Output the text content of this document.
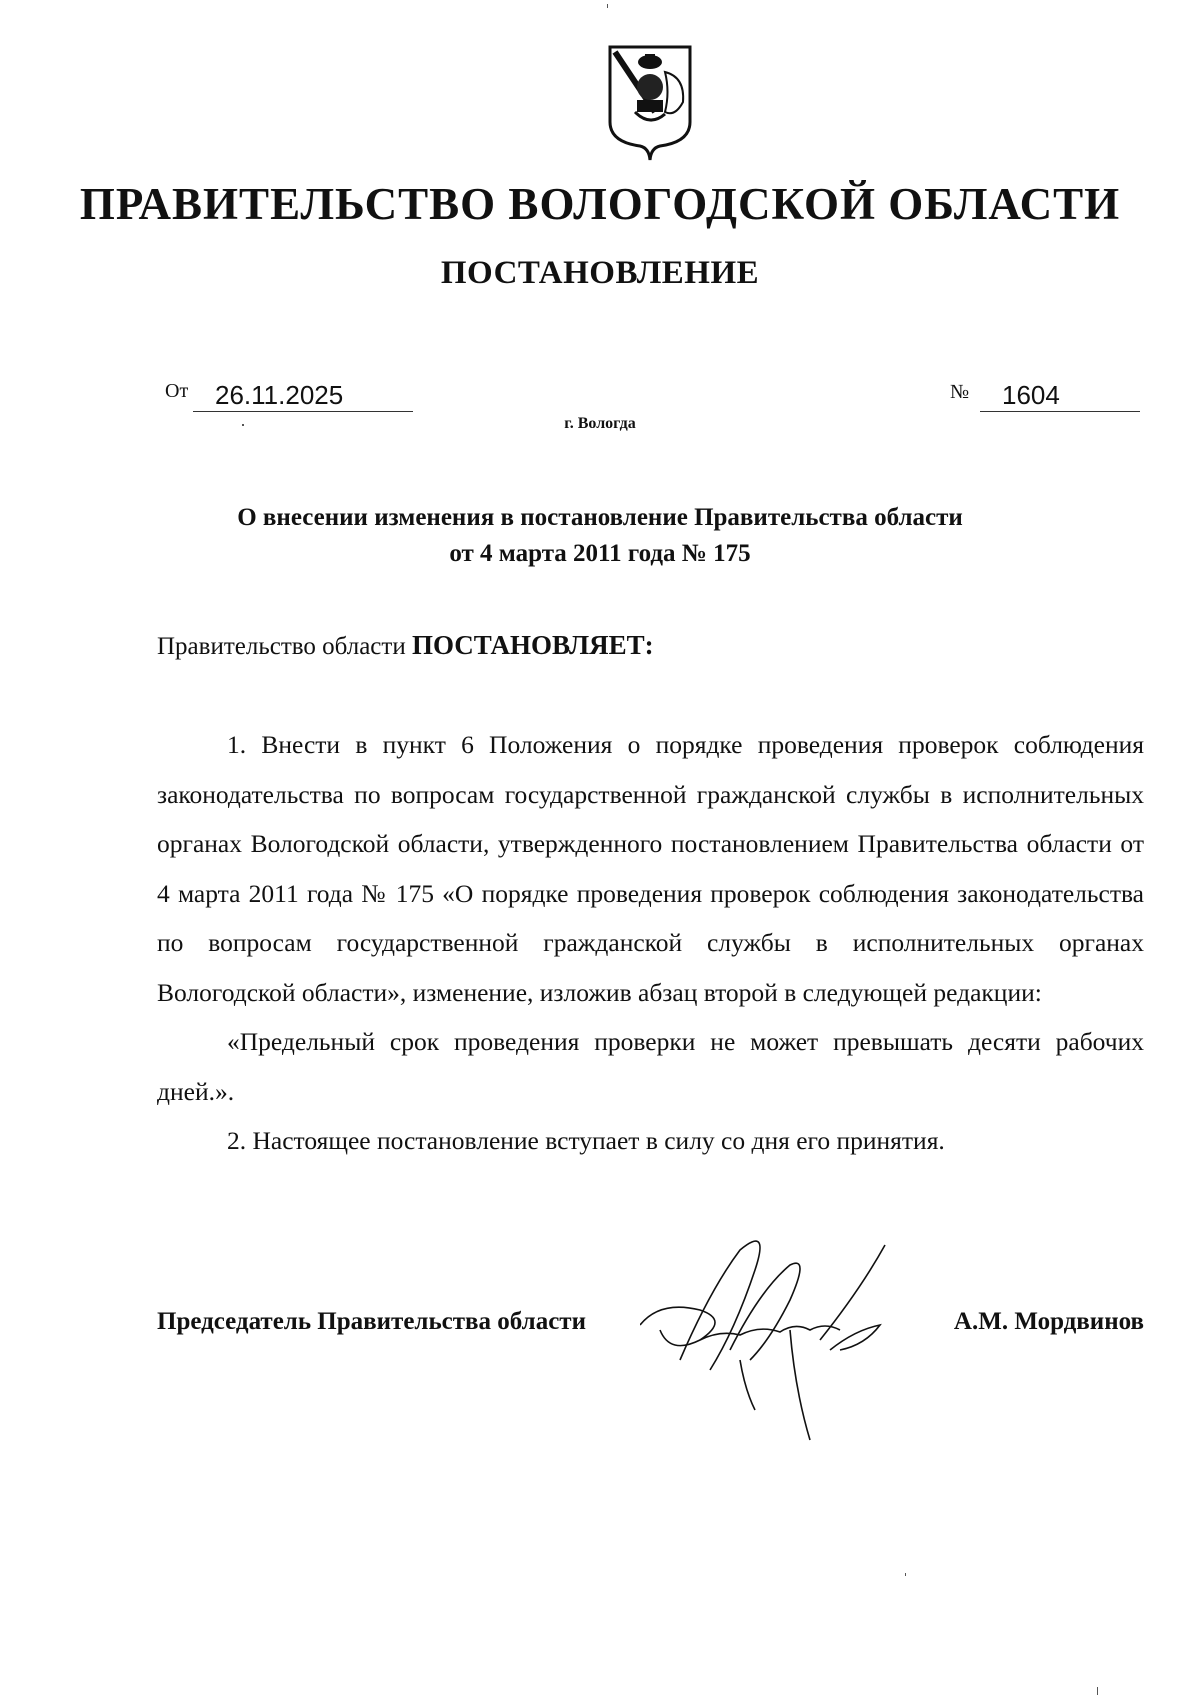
ПРАВИТЕЛЬСТВО ВОЛОГОДСКОЙ ОБЛАСТИ
ПОСТАНОВЛЕНИЕ
От	26.11.2025	№	1604
г. Вологда
О внесении изменения в постановление Правительства области
от 4 марта 2011 года № 175
Правительство области ПОСТАНОВЛЯЕТ:

1. Внести в пункт 6 Положения о порядке проведения проверок соблюдения законодательства по вопросам государственной гражданской службы в исполнительных органах Вологодской области, утвержденного постановлением Правительства области от 4 марта 2011 года № 175 «О порядке проведения проверок соблюдения законодательства по вопросам государственной гражданской службы в исполнительных органах Вологодской области», изменение, изложив абзац второй в следующей редакции:

«Предельный срок проведения проверки не может превышать десяти рабочих дней.».

2. Настоящее постановление вступает в силу со дня его принятия.

Председатель Правительства области	А.М. Мордвинов
